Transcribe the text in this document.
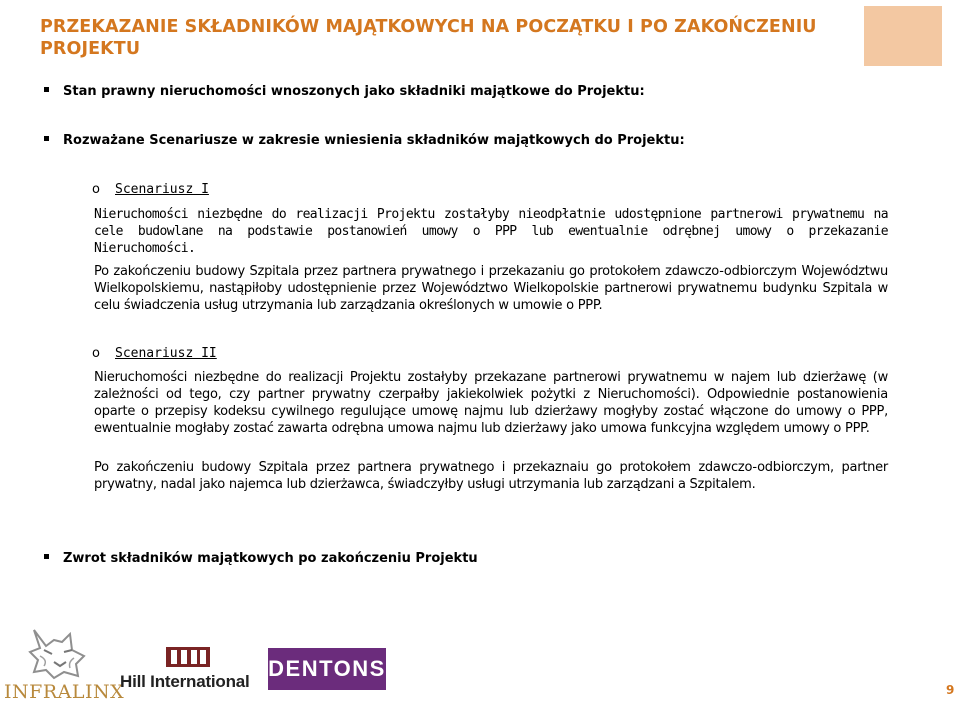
PRZEKAZANIE SKŁADNIKÓW MAJĄTKOWYCH NA POCZĄTKU I PO ZAKOŃCZENIU PROJEKTU
Stan prawny nieruchomości wnoszonych jako składniki majątkowe do Projektu:
Rozważane Scenariusze w zakresie wniesienia składników majątkowych do Projektu:
o Scenariusz I
Nieruchomości niezbędne do realizacji Projektu zostałyby nieodpłatnie udostępnione partnerowi prywatnemu na cele budowlane na podstawie postanowień umowy o PPP lub ewentualnie odrębnej umowy o przekazanie Nieruchomości.
Po zakończeniu budowy Szpitala przez partnera prywatnego i przekazaniu go protokołem zdawczo-odbiorczym Województwu Wielkopolskiemu, nastąpiłoby udostępnienie przez Województwo Wielkopolskie partnerowi prywatnemu budynku Szpitala w celu świadczenia usług utrzymania lub zarządzania określonych w umowie o PPP.
o Scenariusz II
Nieruchomości niezbędne do realizacji Projektu zostałyby przekazane partnerowi prywatnemu w najem lub dzierżawę (w zależności od tego, czy partner prywatny czerpałby jakiekolwiek pożytki z Nieruchomości). Odpowiednie postanowienia oparte o przepisy kodeksu cywilnego regulujące umowę najmu lub dzierżawy mogłyby zostać włączone do umowy o PPP, ewentualnie mogłaby zostać zawarta odrębna umowa najmu lub dzierżawy jako umowa funkcyjna względem umowy o PPP.
Po zakończeniu budowy Szpitala przez partnera prywatnego i przekaznaiu go protokołem zdawczo-odbiorczym, partner prywatny, nadal jako najemca lub dzierżawca, świadczyłby usługi utrzymania lub zarządzani a Szpitalem.
Zwrot składników majątkowych po zakończeniu Projektu
INFRALINX
Hill International
DENTONS
9
